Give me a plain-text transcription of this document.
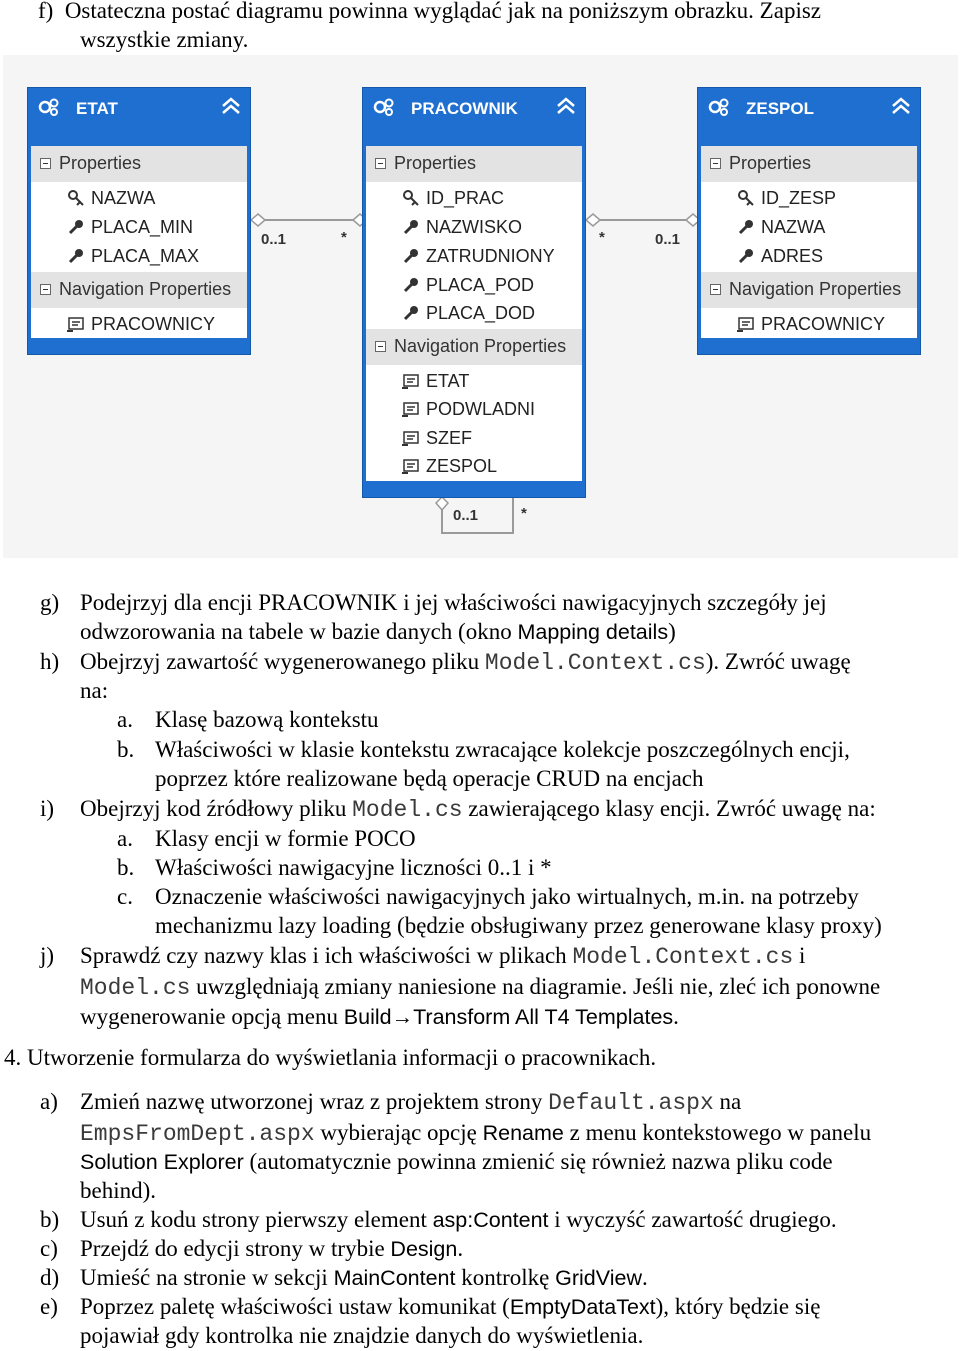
f) Ostateczna postać diagramu powinna wyglądać jak na poniższym obrazku. Zapisz
wszystkie zmiany.
0..1	*	*	0..1
0..1	*
ETAT
Properties
NAZWA
PLACA_MIN
PLACA_MAX
Navigation Properties
PRACOWNICY
PRACOWNIK
Properties
ID_PRAC
NAZWISKO
ZATRUDNIONY
PLACA_POD
PLACA_DOD
Navigation Properties
ETAT
PODWLADNI
SZEF
ZESPOL
ZESPOL
Properties
ID_ZESP
NAZWA
ADRES
Navigation Properties
PRACOWNICY
g) Podejrzyj dla encji PRACOWNIK i jej właściwości nawigacyjnych szczegóły jej
odwzorowania na tabele w bazie danych (okno Mapping details)
h) Obejrzyj zawartość wygenerowanego pliku Model.Context.cs). Zwróć uwagę
na:
a. Klasę bazową kontekstu
b. Właściwości w klasie kontekstu zwracające kolekcje poszczególnych encji,
poprzez które realizowane będą operacje CRUD na encjach
i) Obejrzyj kod źródłowy pliku Model.cs zawierającego klasy encji. Zwróć uwagę na:
a. Klasy encji w formie POCO
b. Właściwości nawigacyjne liczności 0..1 i *
c. Oznaczenie właściwości nawigacyjnych jako wirtualnych, m.in. na potrzeby
mechanizmu lazy loading (będzie obsługiwany przez generowane klasy proxy)
j) Sprawdź czy nazwy klas i ich właściwości w plikach Model.Context.cs i
Model.cs uwzględniają zmiany naniesione na diagramie. Jeśli nie, zleć ich ponowne
wygenerowanie opcją menu Build→Transform All T4 Templates.
4. Utworzenie formularza do wyświetlania informacji o pracownikach.
a) Zmień nazwę utworzonej wraz z projektem strony Default.aspx na
EmpsFromDept.aspx wybierając opcję Rename z menu kontekstowego w panelu
Solution Explorer (automatycznie powinna zmienić się również nazwa pliku code
behind).
b) Usuń z kodu strony pierwszy element asp:Content i wyczyść zawartość drugiego.
c) Przejdź do edycji strony w trybie Design.
d) Umieść na stronie w sekcji MainContent kontrolkę GridView.
e) Poprzez paletę właściwości ustaw komunikat (EmptyDataText), który będzie się
pojawiał gdy kontrolka nie znajdzie danych do wyświetlenia.
